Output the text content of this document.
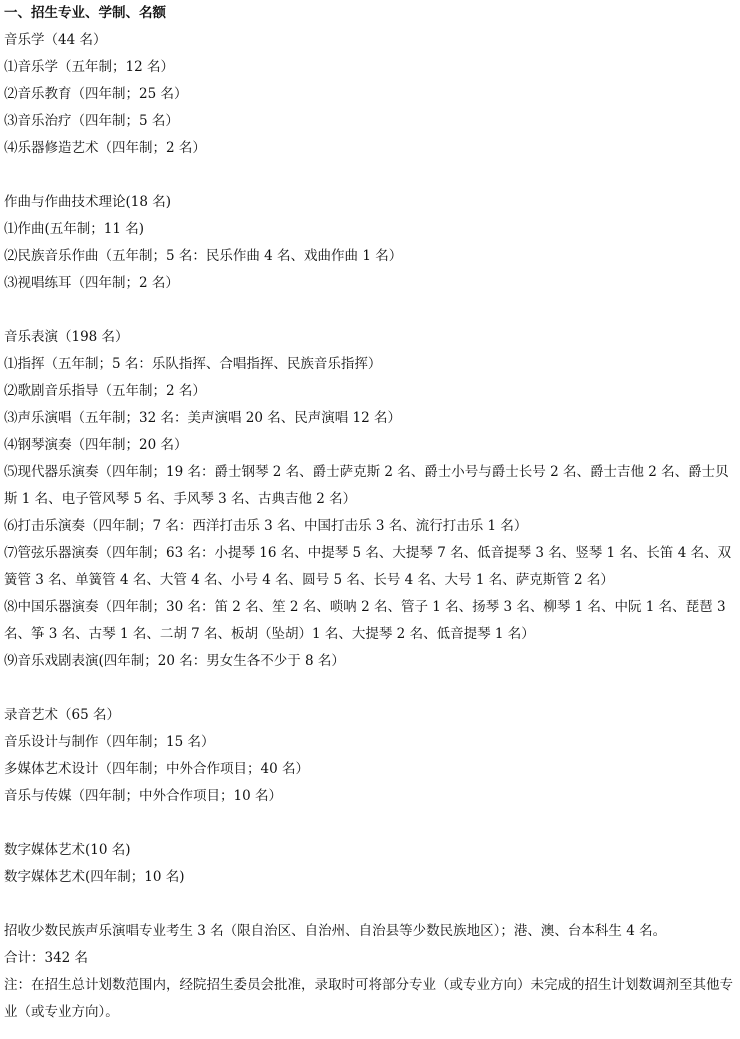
一、招生专业、学制、名额
音乐学（44 名）
⑴音乐学（五年制；12 名）
⑵音乐教育（四年制；25 名）
⑶音乐治疗（四年制；5 名）
⑷乐器修造艺术（四年制；2 名）
作曲与作曲技术理论(18 名)
⑴作曲(五年制；11 名)
⑵民族音乐作曲（五年制；5 名：民乐作曲 4 名、戏曲作曲 1 名）
⑶视唱练耳（四年制；2 名）
音乐表演（198 名）
⑴指挥（五年制；5 名：乐队指挥、合唱指挥、民族音乐指挥）
⑵歌剧音乐指导（五年制；2 名）
⑶声乐演唱（五年制；32 名：美声演唱 20 名、民声演唱 12 名）
⑷钢琴演奏（四年制；20 名）
⑸现代器乐演奏（四年制；19 名：爵士钢琴 2 名、爵士萨克斯 2 名、爵士小号与爵士长号 2 名、爵士吉他 2 名、爵士贝斯 1 名、电子管风琴 5 名、手风琴 3 名、古典吉他 2 名）
⑹打击乐演奏（四年制；7 名：西洋打击乐 3 名、中国打击乐 3 名、流行打击乐 1 名）
⑺管弦乐器演奏（四年制；63 名：小提琴 16 名、中提琴 5 名、大提琴 7 名、低音提琴 3 名、竖琴 1 名、长笛 4 名、双簧管 3 名、单簧管 4 名、大管 4 名、小号 4 名、圆号 5 名、长号 4 名、大号 1 名、萨克斯管 2 名）
⑻中国乐器演奏（四年制；30 名：笛 2 名、笙 2 名、唢呐 2 名、管子 1 名、扬琴 3 名、柳琴 1 名、中阮 1 名、琵琶 3 名、筝 3 名、古琴 1 名、二胡 7 名、板胡（坠胡）1 名、大提琴 2 名、低音提琴 1 名）
⑼音乐戏剧表演(四年制；20 名：男女生各不少于 8 名）
录音艺术（65 名）
音乐设计与制作（四年制；15 名）
多媒体艺术设计（四年制；中外合作项目；40 名）
音乐与传媒（四年制；中外合作项目；10 名）
数字媒体艺术(10 名)
数字媒体艺术(四年制；10 名)
招收少数民族声乐演唱专业考生 3 名（限自治区、自治州、自治县等少数民族地区）；港、澳、台本科生 4 名。
合计：342 名
注：在招生总计划数范围内，经院招生委员会批准，录取时可将部分专业（或专业方向）未完成的招生计划数调剂至其他专业（或专业方向）。
